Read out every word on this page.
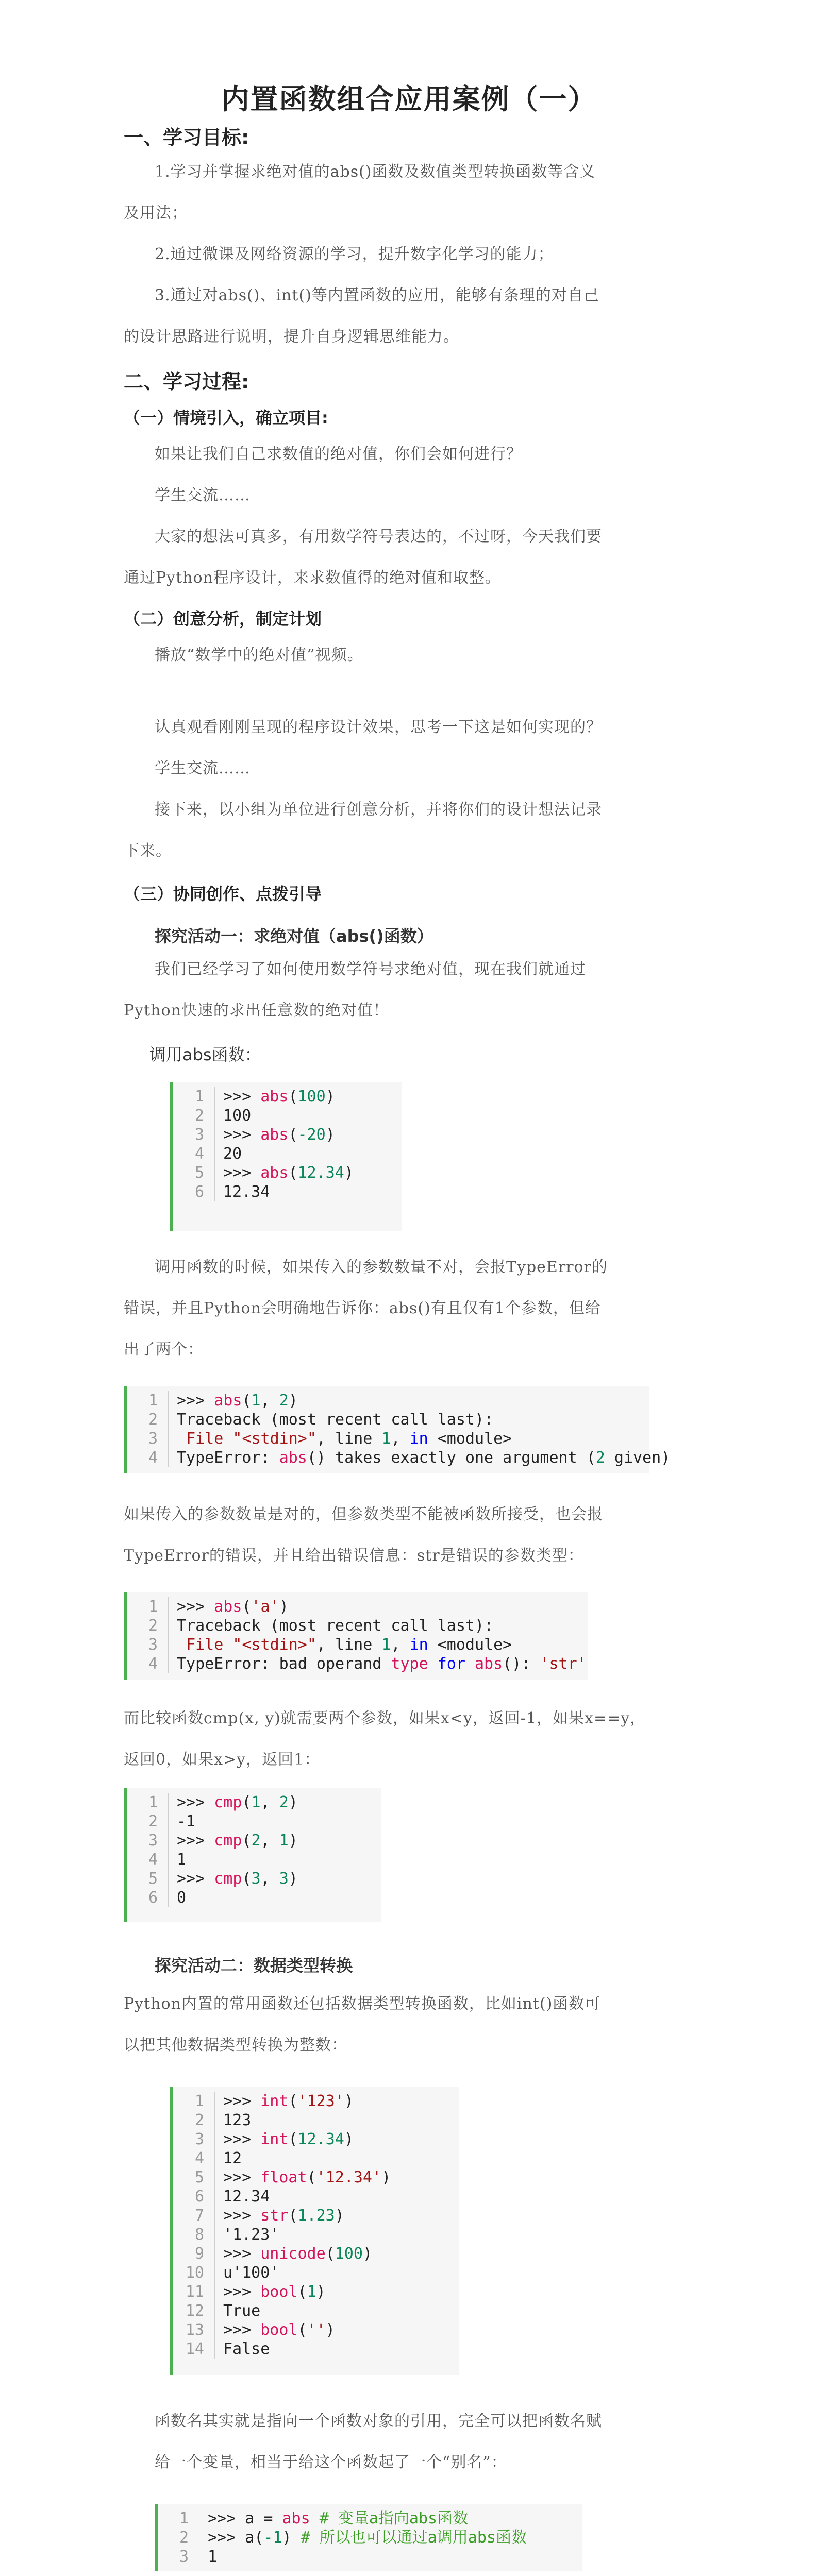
内置函数组合应用案例（一）
一、学习目标:
1.学习并掌握求绝对值的abs()函数及数值类型转换函数等含义
及用法；
2.通过微课及网络资源的学习，提升数字化学习的能力；
3.通过对abs()、int()等内置函数的应用，能够有条理的对自己
的设计思路进行说明，提升自身逻辑思维能力。
二、学习过程:
（一）情境引入，确立项目:
如果让我们自己求数值的绝对值，你们会如何进行？
学生交流……
大家的想法可真多，有用数学符号表达的，不过呀，今天我们要
通过Python程序设计，来求数值得的绝对值和取整。
（二）创意分析，制定计划
播放“数学中的绝对值”视频。
认真观看刚刚呈现的程序设计效果，思考一下这是如何实现的？
学生交流……
接下来，以小组为单位进行创意分析，并将你们的设计想法记录
下来。
（三）协同创作、点拨引导
探究活动一：求绝对值（abs()函数）
我们已经学习了如何使用数学符号求绝对值，现在我们就通过
Python快速的求出任意数的绝对值！
调用abs函数：
1	>>> abs(100)
2	100
3	>>> abs(-20)
4	20
5	>>> abs(12.34)
6	12.34
调用函数的时候，如果传入的参数数量不对，会报TypeError的
错误，并且Python会明确地告诉你：abs()有且仅有1个参数，但给
出了两个：
1	>>> abs(1, 2)
2	Traceback (most recent call last):
3	File "<stdin>", line 1, in <module>
4	TypeError: abs() takes exactly one argument (2 given)
如果传入的参数数量是对的，但参数类型不能被函数所接受，也会报
TypeError的错误，并且给出错误信息：str是错误的参数类型：
1	>>> abs('a')
2	Traceback (most recent call last):
3	File "<stdin>", line 1, in <module>
4	TypeError: bad operand type for abs(): 'str'
而比较函数cmp(x, y)就需要两个参数，如果x<y，返回-1，如果x==y，
返回0，如果x>y，返回1：
1	>>> cmp(1, 2)
2	-1
3	>>> cmp(2, 1)
4	1
5	>>> cmp(3, 3)
6	0
探究活动二：数据类型转换
Python内置的常用函数还包括数据类型转换函数，比如int()函数可
以把其他数据类型转换为整数：
1	>>> int('123')
2	123
3	>>> int(12.34)
4	12
5	>>> float('12.34')
6	12.34
7	>>> str(1.23)
8	'1.23'
9	>>> unicode(100)
10	u'100'
11	>>> bool(1)
12	True
13	>>> bool('')
14	False
函数名其实就是指向一个函数对象的引用，完全可以把函数名赋
给一个变量，相当于给这个函数起了一个“别名”：
1	>>> a = abs # 变量a指向abs函数
2	>>> a(-1) # 所以也可以通过a调用abs函数
3	1
